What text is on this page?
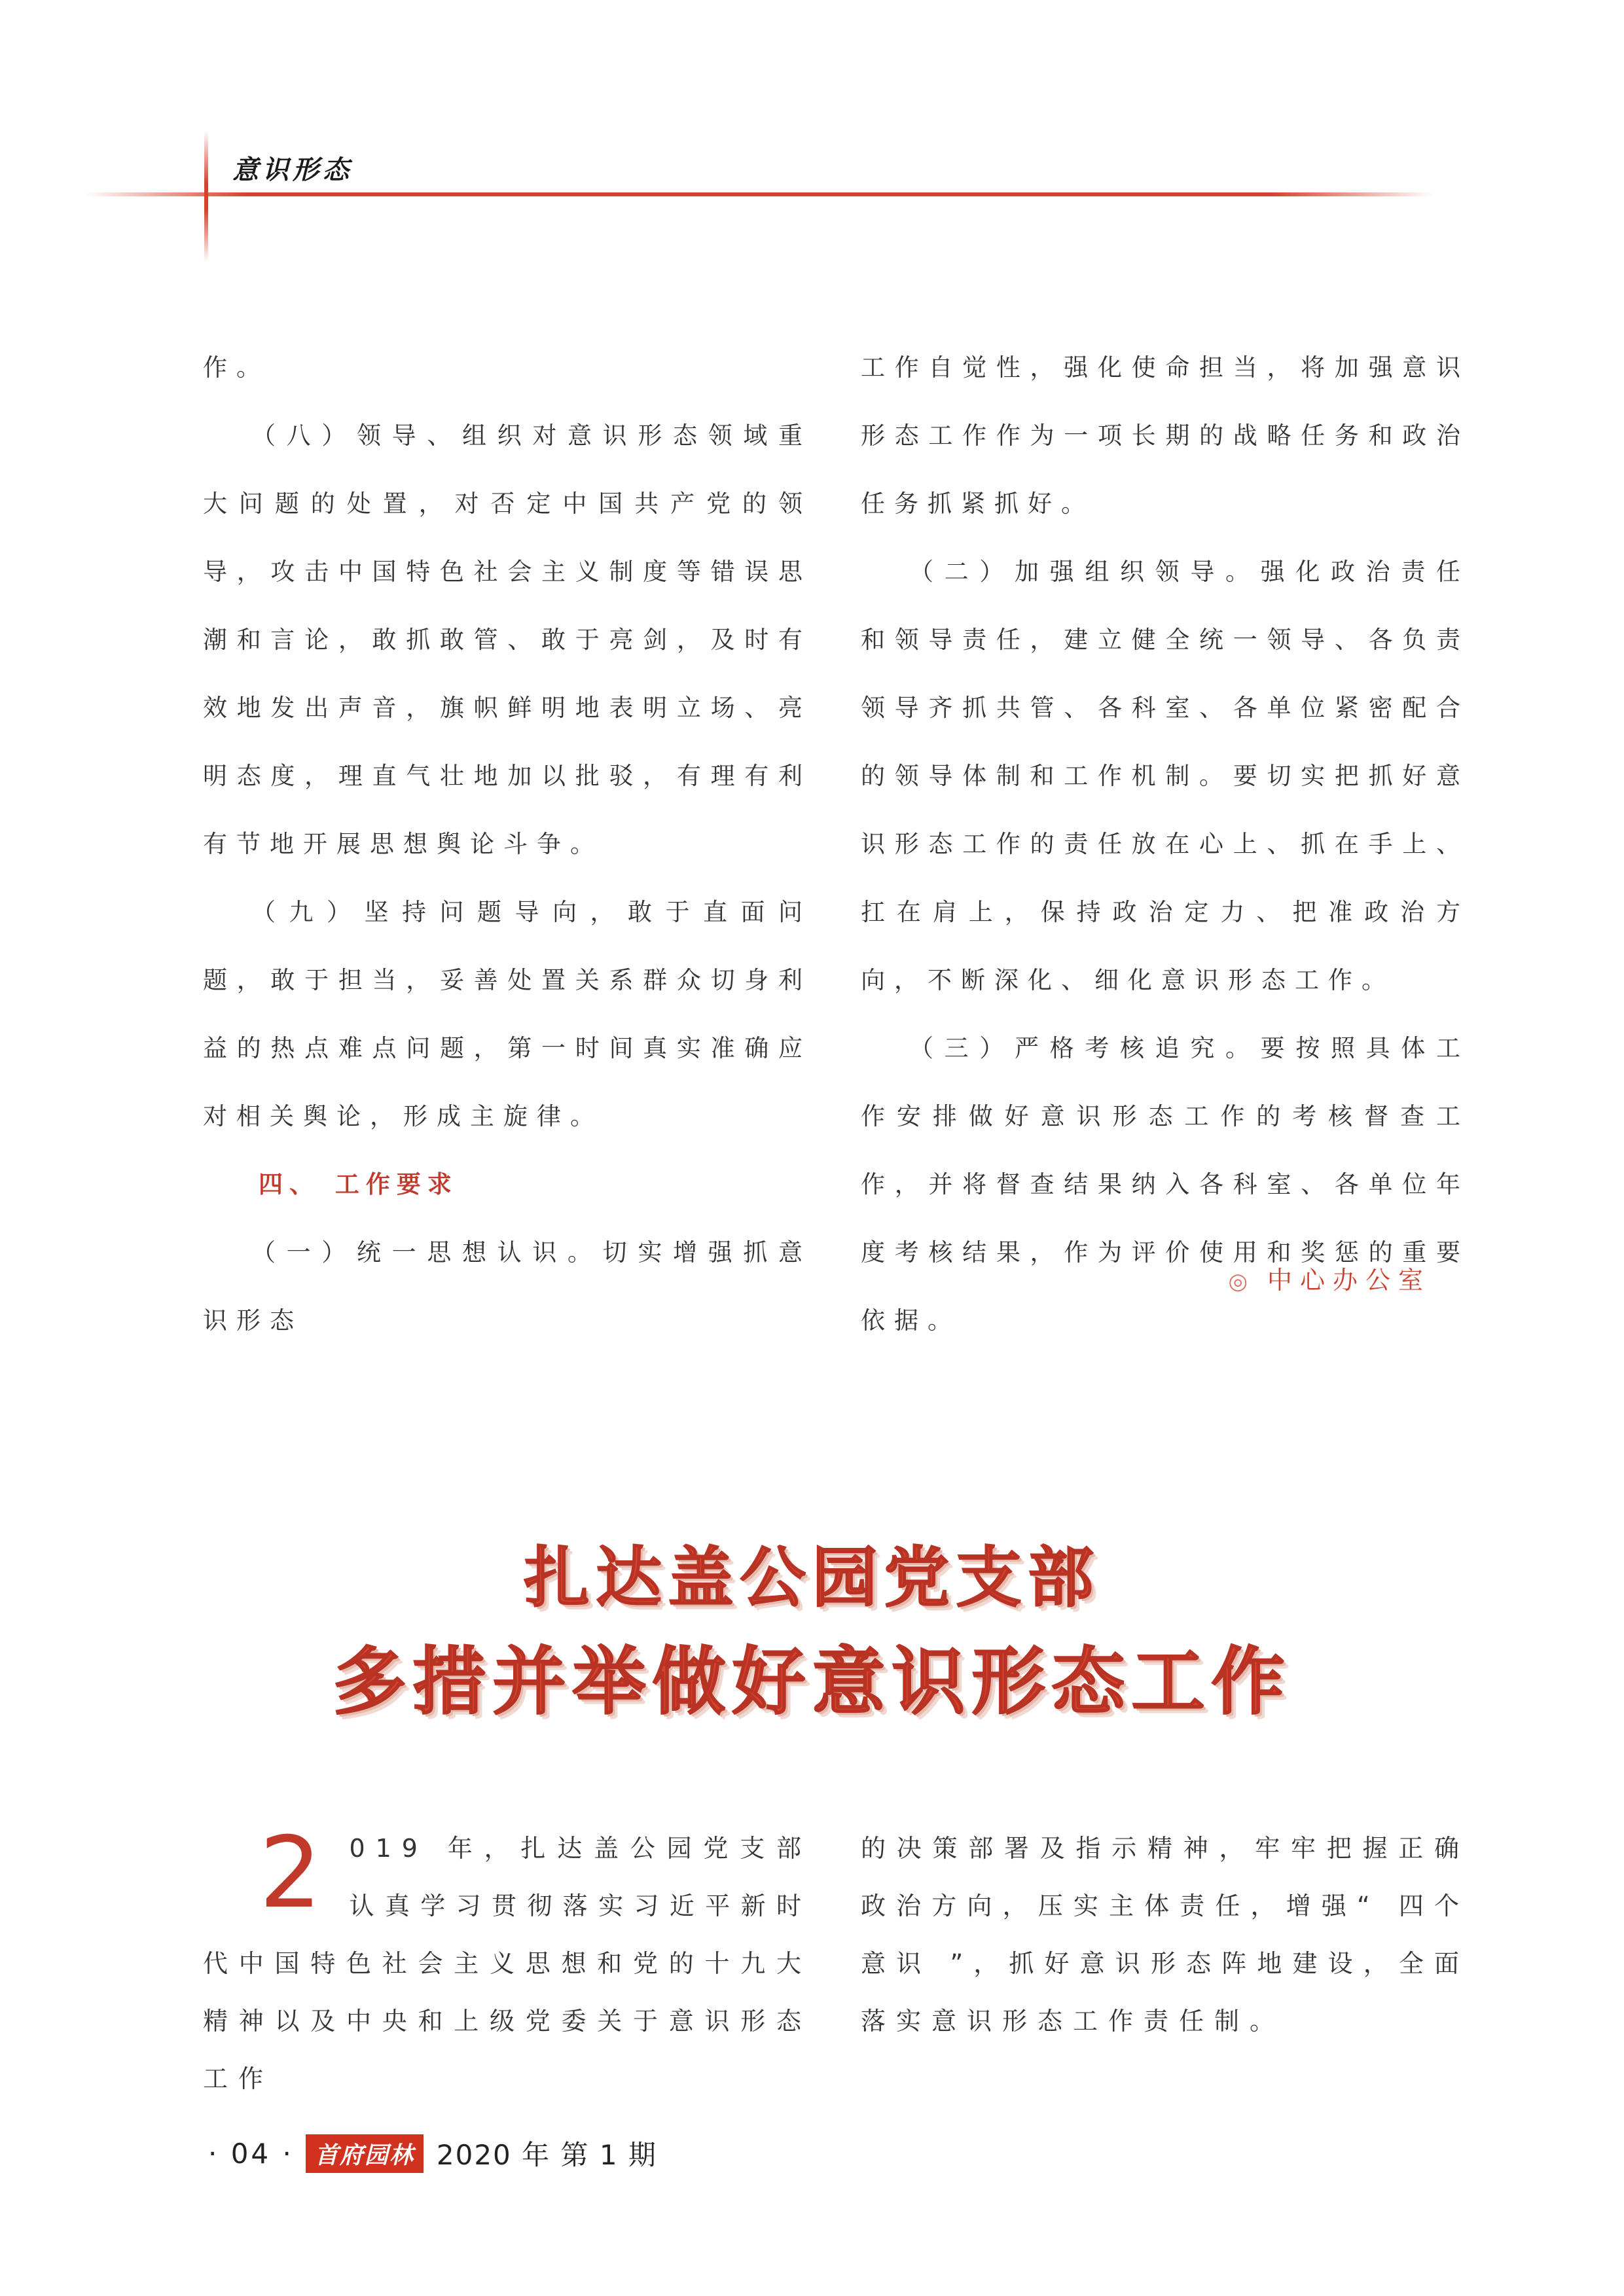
意识形态

作。

（八）领导、组织对意识形态领域重大问题的处置，对否定中国共产党的领导，攻击中国特色社会主义制度等错误思潮和言论，敢抓敢管、敢于亮剑，及时有效地发出声音，旗帜鲜明地表明立场、亮明态度，理直气壮地加以批驳，有理有利有节地开展思想舆论斗争。

（九）坚持问题导向，敢于直面问题，敢于担当，妥善处置关系群众切身利益的热点难点问题，第一时间真实准确应对相关舆论，形成主旋律。

四、 工作要求

（一）统一思想认识。切实增强抓意识形态

工作自觉性，强化使命担当，将加强意识形态工作作为一项长期的战略任务和政治任务抓紧抓好。

（二）加强组织领导。强化政治责任和领导责任，建立健全统一领导、各负责领导齐抓共管、各科室、各单位紧密配合的领导体制和工作机制。要切实把抓好意识形态工作的责任放在心上、抓在手上、扛在肩上，保持政治定力、把准政治方向，不断深化、细化意识形态工作。

（三）严格考核追究。要按照具体工作安排做好意识形态工作的考核督查工作，并将督查结果纳入各科室、各单位年度考核结果，作为评价使用和奖惩的重要依据。

◎ 中心办公室
扎达盖公园党支部
多措并举做好意识形态工作

2 019 年，扎达盖公园党支部认真学习贯彻落实习近平新时代中国特色社会主义思想和党的十九大精神以及中央和上级党委关于意识形态工作

的决策部署及指示精神，牢牢把握正确政治方向，压实主体责任，增强“ 四个意识 ”，抓好意识形态阵地建设，全面落实意识形态工作责任制。

· 04 · 首府园林 2020 年 第 1 期
